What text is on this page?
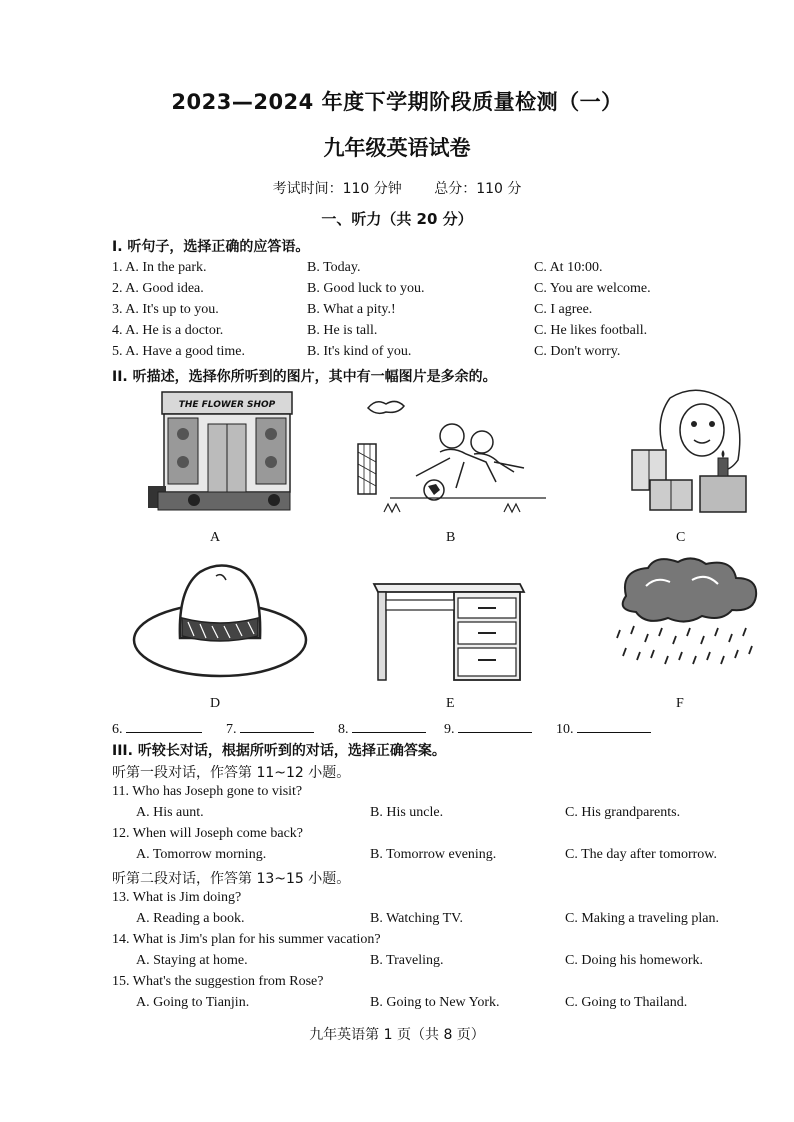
2023—2024 年度下学期阶段质量检测（一）
九年级英语试卷
考试时间：110 分钟 总分：110 分
一、听力（共 20 分）
I. 听句子，选择正确的应答语。
1. A. In the park.	B. Today.	C. At 10:00.
2. A. Good idea.	B. Good luck to you.	C. You are welcome.
3. A. It's up to you.	B. What a pity.!	C. I agree.
4. A. He is a doctor.	B. He is tall.	C. He likes football.
5. A. Have a good time.	B. It's kind of you.	C. Don't worry.
II. 听描述，选择你所听到的图片，其中有一幅图片是多余的。
THE FLOWER SHOP
A	B	C
D	E	F
6.	7.	8.	9.	10.
III. 听较长对话，根据所听到的对话，选择正确答案。
听第一段对话，作答第 11~12 小题。
11. Who has Joseph gone to visit?
A. His aunt.	B. His uncle.	C. His grandparents.
12. When will Joseph come back?
A. Tomorrow morning.	B. Tomorrow evening.	C. The day after tomorrow.
听第二段对话，作答第 13~15 小题。
13. What is Jim doing?
A. Reading a book.	B. Watching TV.	C. Making a traveling plan.
14. What is Jim's plan for his summer vacation?
A. Staying at home.	B. Traveling.	C. Doing his homework.
15. What's the suggestion from Rose?
A. Going to Tianjin.	B. Going to New York.	C. Going to Thailand.
九年英语第 1 页（共 8 页）
